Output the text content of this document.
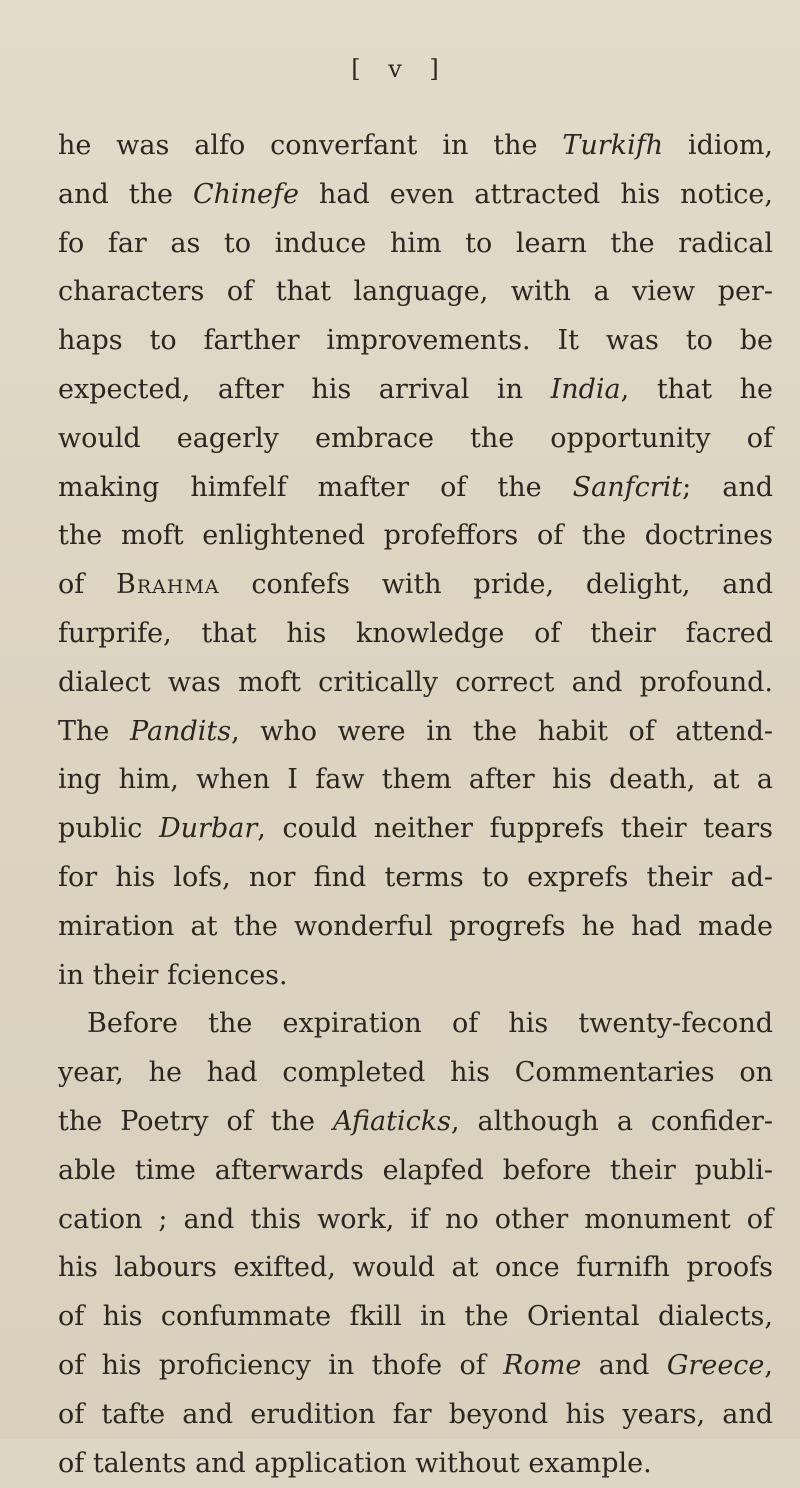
[ v ]
he was alfo converfant in the Turkifh idiom,
and the Chinefe had even attracted his notice,
fo far as to induce him to learn the radical
characters of that language, with a view per-
haps to farther improvements. It was to be
expected, after his arrival in India, that he
would eagerly embrace the opportunity of
making himfelf mafter of the Sanfcrit; and
the moft enlightened profeffors of the doctrines
of Brahma confefs with pride, delight, and
furprife, that his knowledge of their facred
dialect was moft critically correct and profound.
The Pandits, who were in the habit of attend-
ing him, when I faw them after his death, at a
public Durbar, could neither fupprefs their tears
for his lofs, nor find terms to exprefs their ad-
miration at the wonderful progrefs he had made
in their fciences.
Before the expiration of his twenty-fecond
year, he had completed his Commentaries on
the Poetry of the Afiaticks, although a confider-
able time afterwards elapfed before their publi-
cation ; and this work, if no other monument of
his labours exifted, would at once furnifh proofs
of his confummate fkill in the Oriental dialects,
of his proficiency in thofe of Rome and Greece,
of tafte and erudition far beyond his years, and
of talents and application without example.
